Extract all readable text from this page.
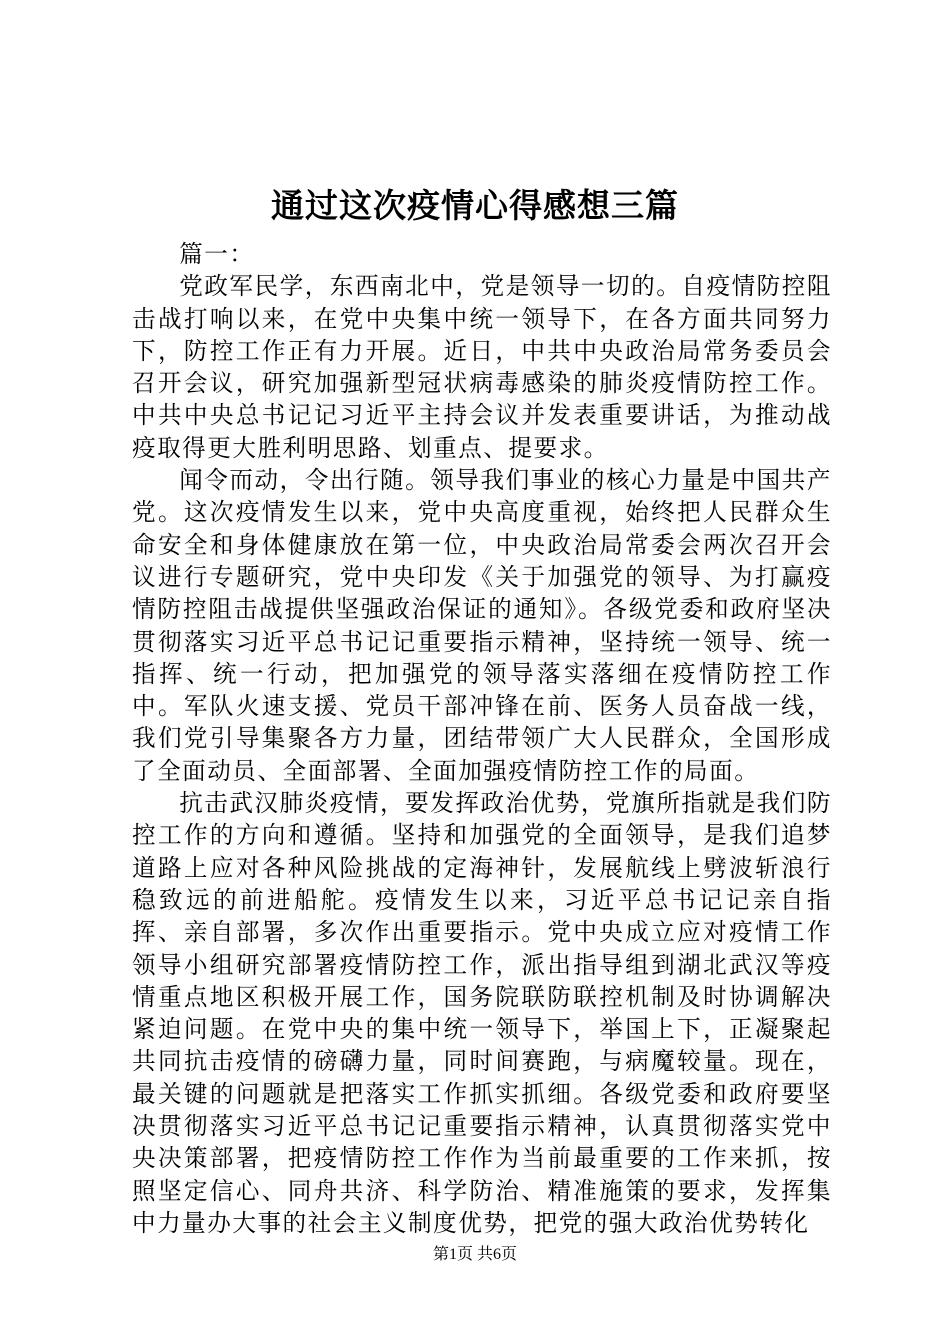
通过这次疫情心得感想三篇

篇一：

党政军民学，东西南北中，党是领导一切的。自疫情防控阻击战打响以来，在党中央集中统一领导下，在各方面共同努力下，防控工作正有力开展。近日，中共中央政治局常务委员会召开会议，研究加强新型冠状病毒感染的肺炎疫情防控工作。中共中央总书记记习近平主持会议并发表重要讲话，为推动战疫取得更大胜利明思路、划重点、提要求。

闻令而动，令出行随。领导我们事业的核心力量是中国共产党。这次疫情发生以来，党中央高度重视，始终把人民群众生命安全和身体健康放在第一位，中央政治局常委会两次召开会议进行专题研究，党中央印发《关于加强党的领导、为打赢疫情防控阻击战提供坚强政治保证的通知》。各级党委和政府坚决贯彻落实习近平总书记记重要指示精神，坚持统一领导、统一指挥、统一行动，把加强党的领导落实落细在疫情防控工作中。军队火速支援、党员干部冲锋在前、医务人员奋战一线，我们党引导集聚各方力量，团结带领广大人民群众，全国形成了全面动员、全面部署、全面加强疫情防控工作的局面。

抗击武汉肺炎疫情，要发挥政治优势，党旗所指就是我们防控工作的方向和遵循。坚持和加强党的全面领导，是我们追梦道路上应对各种风险挑战的定海神针，发展航线上劈波斩浪行稳致远的前进船舵。疫情发生以来，习近平总书记记亲自指挥、亲自部署，多次作出重要指示。党中央成立应对疫情工作领导小组研究部署疫情防控工作，派出指导组到湖北武汉等疫情重点地区积极开展工作，国务院联防联控机制及时协调解决紧迫问题。在党中央的集中统一领导下，举国上下，正凝聚起共同抗击疫情的磅礴力量，同时间赛跑，与病魔较量。现在，最关键的问题就是把落实工作抓实抓细。各级党委和政府要坚决贯彻落实习近平总书记记重要指示精神，认真贯彻落实党中央决策部署，把疫情防控工作作为当前最重要的工作来抓，按照坚定信心、同舟共济、科学防治、精准施策的要求，发挥集中力量办大事的社会主义制度优势，把党的强大政治优势转化

第1页 共6页
